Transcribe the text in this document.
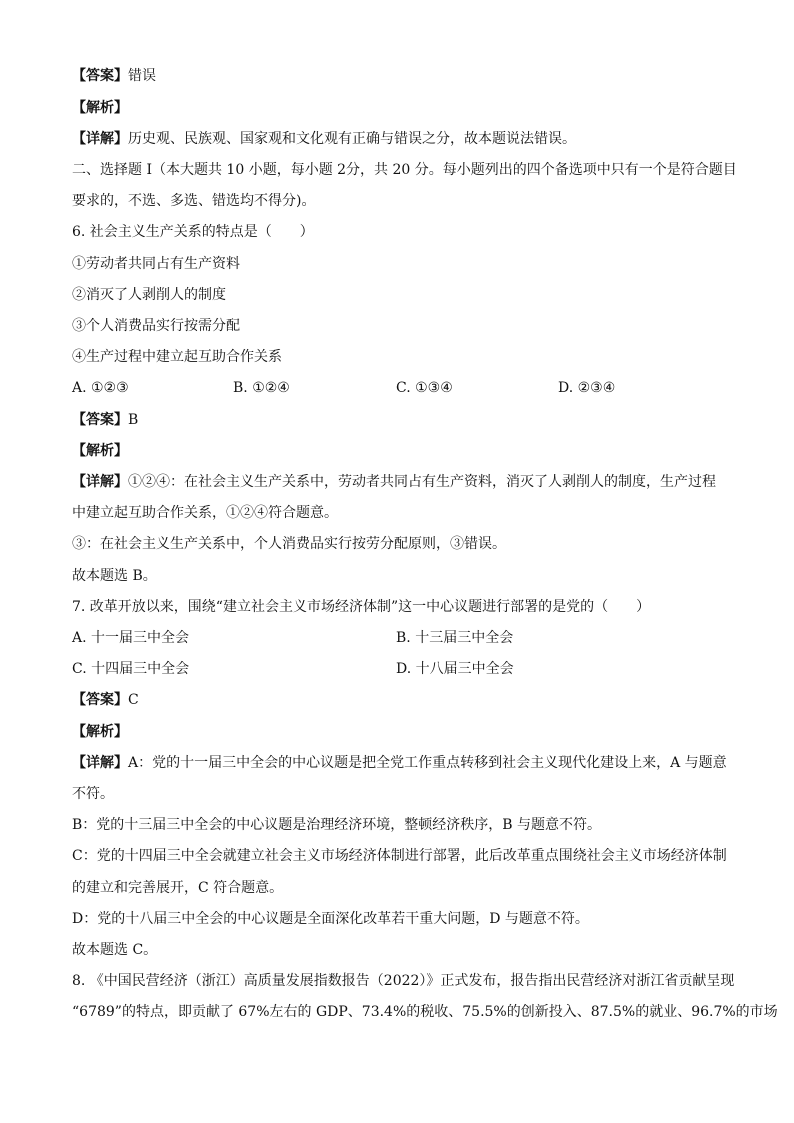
【答案】错误
【解析】
【详解】历史观、民族观、国家观和文化观有正确与错误之分，故本题说法错误。
二、选择题 I（本大题共 10 小题，每小题 2分，共 20 分。每小题列出的四个备选项中只有一个是符合题目
要求的，不选、多选、错选均不得分)。
6. 社会主义生产关系的特点是（　　）
①劳动者共同占有生产资料
②消灭了人剥削人的制度
③个人消费品实行按需分配
④生产过程中建立起互助合作关系
A. ①②③	B. ①②④	C. ①③④	D. ②③④
【答案】B
【解析】
【详解】①②④：在社会主义生产关系中，劳动者共同占有生产资料，消灭了人剥削人的制度，生产过程
中建立起互助合作关系，①②④符合题意。
③：在社会主义生产关系中，个人消费品实行按劳分配原则，③错误。
故本题选 B。
7. 改革开放以来，围绕“建立社会主义市场经济体制”这一中心议题进行部署的是党的（　　）
A. 十一届三中全会	B. 十三届三中全会
C. 十四届三中全会	D. 十八届三中全会
【答案】C
【解析】
【详解】A：党的十一届三中全会的中心议题是把全党工作重点转移到社会主义现代化建设上来，A 与题意
不符。
B：党的十三届三中全会的中心议题是治理经济环境，整顿经济秩序，B 与题意不符。
C：党的十四届三中全会就建立社会主义市场经济体制进行部署，此后改革重点围绕社会主义市场经济体制
的建立和完善展开，C 符合题意。
D：党的十八届三中全会的中心议题是全面深化改革若干重大问题，D 与题意不符。
故本题选 C。
8. 《中国民营经济（浙江）高质量发展指数报告（2022）》正式发布，报告指出民营经济对浙江省贡献呈现
“6789”的特点，即贡献了 67%左右的 GDP、73.4%的税收、75.5%的创新投入、87.5%的就业、96.7%的市场
